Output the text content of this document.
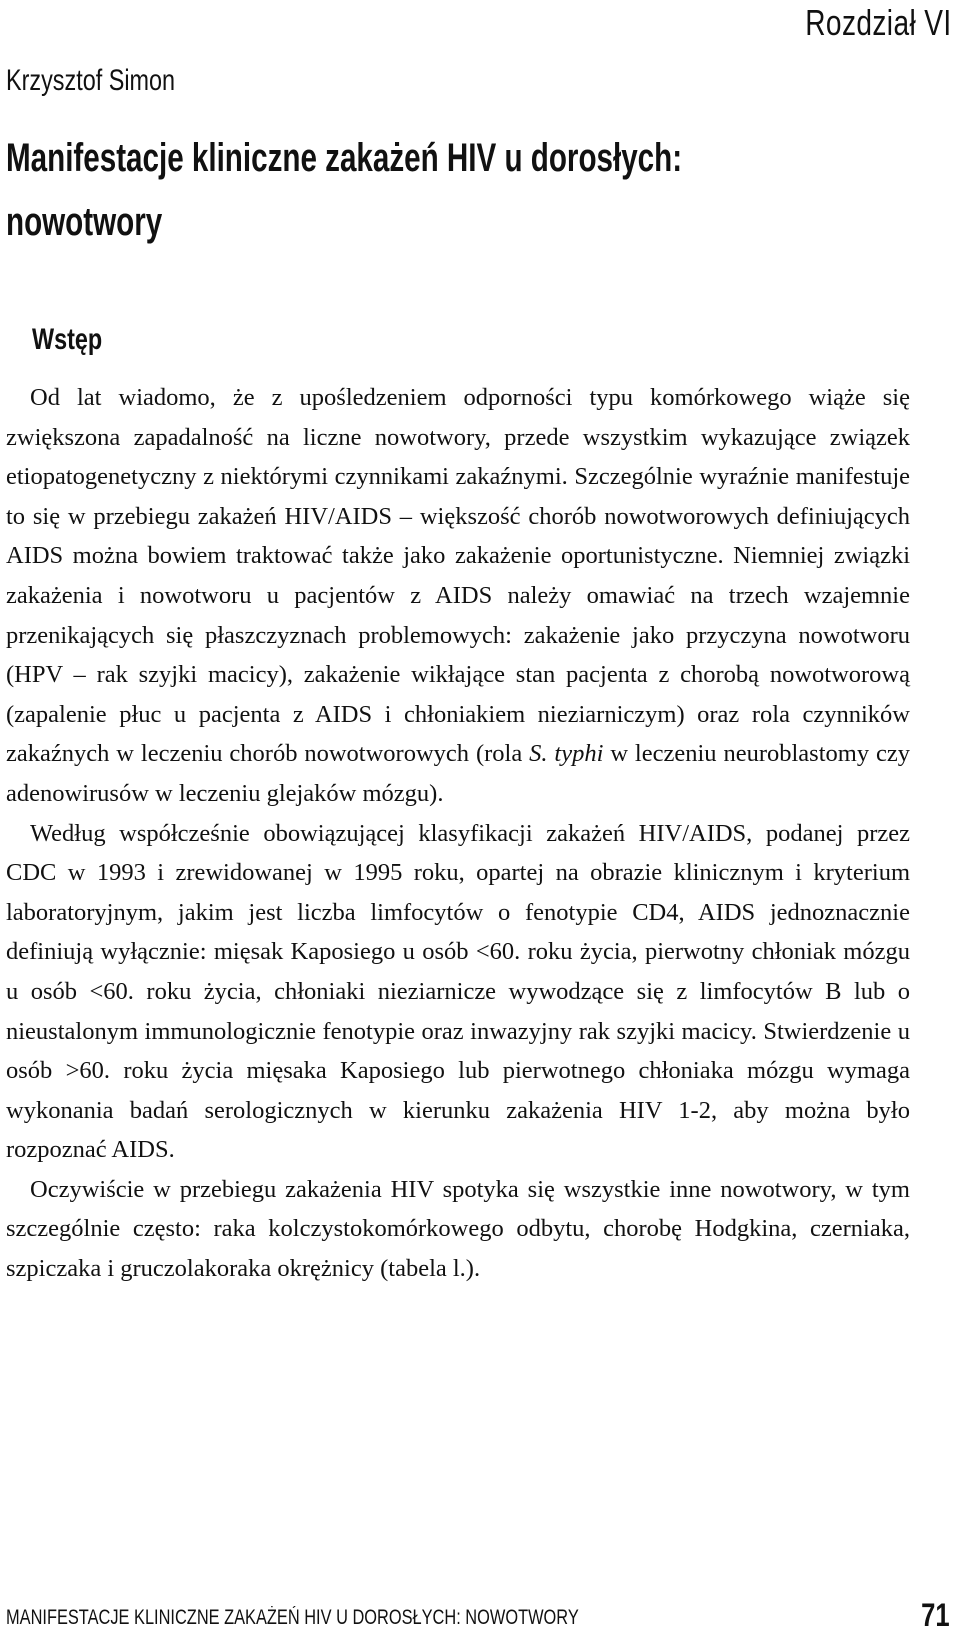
Rozdział VI
Krzysztof Simon
Manifestacje kliniczne zakażeń HIV u dorosłych:
nowotwory
Wstęp

Od lat wiadomo, że z upośledzeniem odporności typu komórkowego wiąże się zwiększona zapadalność na liczne nowotwory, przede wszystkim wykazujące związek etiopatogenetyczny z niektórymi czynnikami zakaźnymi. Szczególnie wyraźnie manifestuje to się w przebiegu zakażeń HIV/AIDS – większość chorób nowotworowych definiujących AIDS można bowiem traktować także jako zakażenie oportunistyczne. Niemniej związki zakażenia i nowotworu u pacjentów z AIDS należy omawiać na trzech wzajemnie przenikających się płaszczyznach problemowych: zakażenie jako przyczyna nowotworu (HPV – rak szyjki macicy), zakażenie wikłające stan pacjenta z chorobą nowotworową (zapalenie płuc u pacjenta z AIDS i chłoniakiem nieziarniczym) oraz rola czynników zakaźnych w leczeniu chorób nowotworowych (rola S. typhi w leczeniu neuroblastomy czy adenowirusów w leczeniu glejaków mózgu).

Według współcześnie obowiązującej klasyfikacji zakażeń HIV/AIDS, podanej przez CDC w 1993 i zrewidowanej w 1995 roku, opartej na obrazie klinicznym i kryterium laboratoryjnym, jakim jest liczba limfocytów o fenotypie CD4, AIDS jednoznacznie definiują wyłącznie: mięsak Kaposiego u osób <60. roku życia, pierwotny chłoniak mózgu u osób <60. roku życia, chłoniaki nieziarnicze wywodzące się z limfocytów B lub o nieustalonym immunologicznie fenotypie oraz inwazyjny rak szyjki macicy. Stwierdzenie u osób >60. roku życia mięsaka Kaposiego lub pierwotnego chłoniaka mózgu wymaga wykonania badań serologicznych w kierunku zakażenia HIV 1-2, aby można było rozpoznać AIDS.

Oczywiście w przebiegu zakażenia HIV spotyka się wszystkie inne nowotwory, w tym szczególnie często: raka kolczystokomórkowego odbytu, chorobę Hodgkina, czerniaka, szpiczaka i gruczolakoraka okrężnicy (tabela l.).

MANIFESTACJE KLINICZNE ZAKAŻEŃ HIV U DOROSŁYCH: NOWOTWORY	71
